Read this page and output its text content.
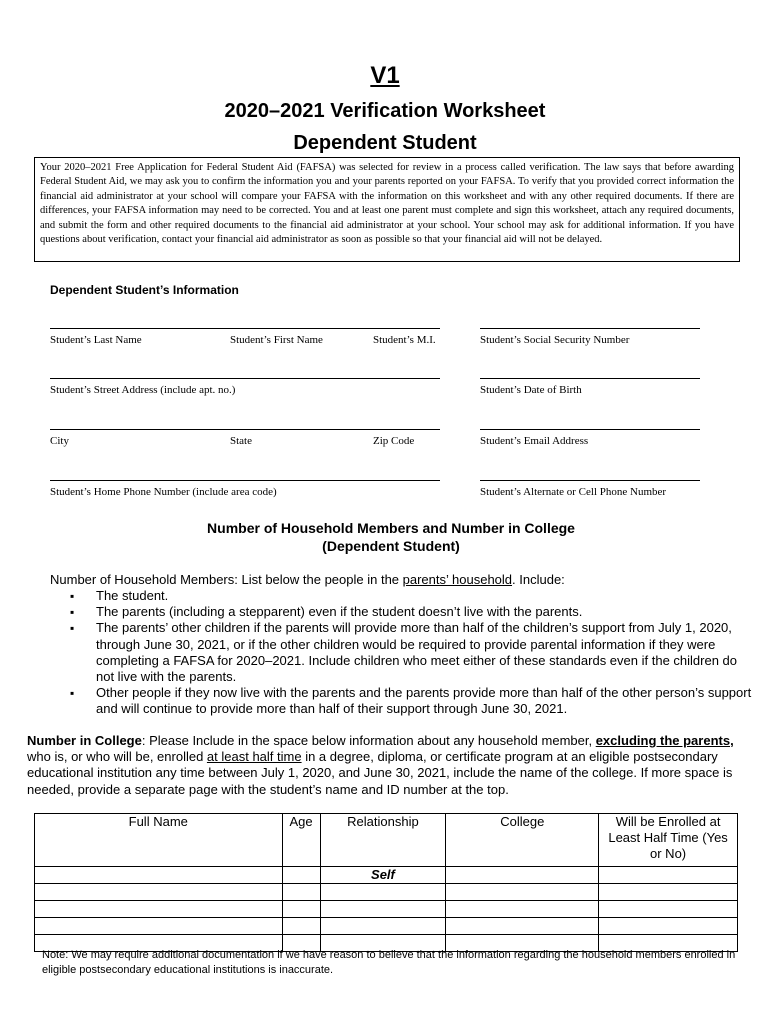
V1
2020–2021 Verification Worksheet
Dependent Student
Your 2020–2021 Free Application for Federal Student Aid (FAFSA) was selected for review in a process called verification. The law says that before awarding Federal Student Aid, we may ask you to confirm the information you and your parents reported on your FAFSA. To verify that you provided correct information the financial aid administrator at your school will compare your FAFSA with the information on this worksheet and with any other required documents. If there are differences, your FAFSA information may need to be corrected. You and at least one parent must complete and sign this worksheet, attach any required documents, and submit the form and other required documents to the financial aid administrator at your school. Your school may ask for additional information. If you have questions about verification, contact your financial aid administrator as soon as possible so that your financial aid will not be delayed.
Dependent Student’s Information
Student’s Last Name	Student’s First Name	Student’s M.I.	Student’s Social Security Number
Student’s Street Address (include apt. no.)	Student’s Date of Birth
City	State	Zip Code	Student’s Email Address
Student’s Home Phone Number (include area code)	Student’s Alternate or Cell Phone Number
Number of Household Members and Number in College
(Dependent Student)
Number of Household Members: List below the people in the parents’ household. Include:
▪ The student.
▪ The parents (including a stepparent) even if the student doesn’t live with the parents.
▪ The parents’ other children if the parents will provide more than half of the children’s support from July 1, 2020, through June 30, 2021, or if the other children would be required to provide parental information if they were completing a FAFSA for 2020–2021. Include children who meet either of these standards even if the children do not live with the parents.
▪ Other people if they now live with the parents and the parents provide more than half of the other person’s support and will continue to provide more than half of their support through June 30, 2021.
Number in College: Please Include in the space below information about any household member, excluding the parents, who is, or who will be, enrolled at least half time in a degree, diploma, or certificate program at an eligible postsecondary educational institution any time between July 1, 2020, and June 30, 2021, include the name of the college. If more space is needed, provide a separate page with the student’s name and ID number at the top.
Full Name	Age	Relationship	College	Will be Enrolled at Least Half Time (Yes or No)
		Self		

Note: We may require additional documentation if we have reason to believe that the information regarding the household members enrolled in eligible postsecondary educational institutions is inaccurate.
